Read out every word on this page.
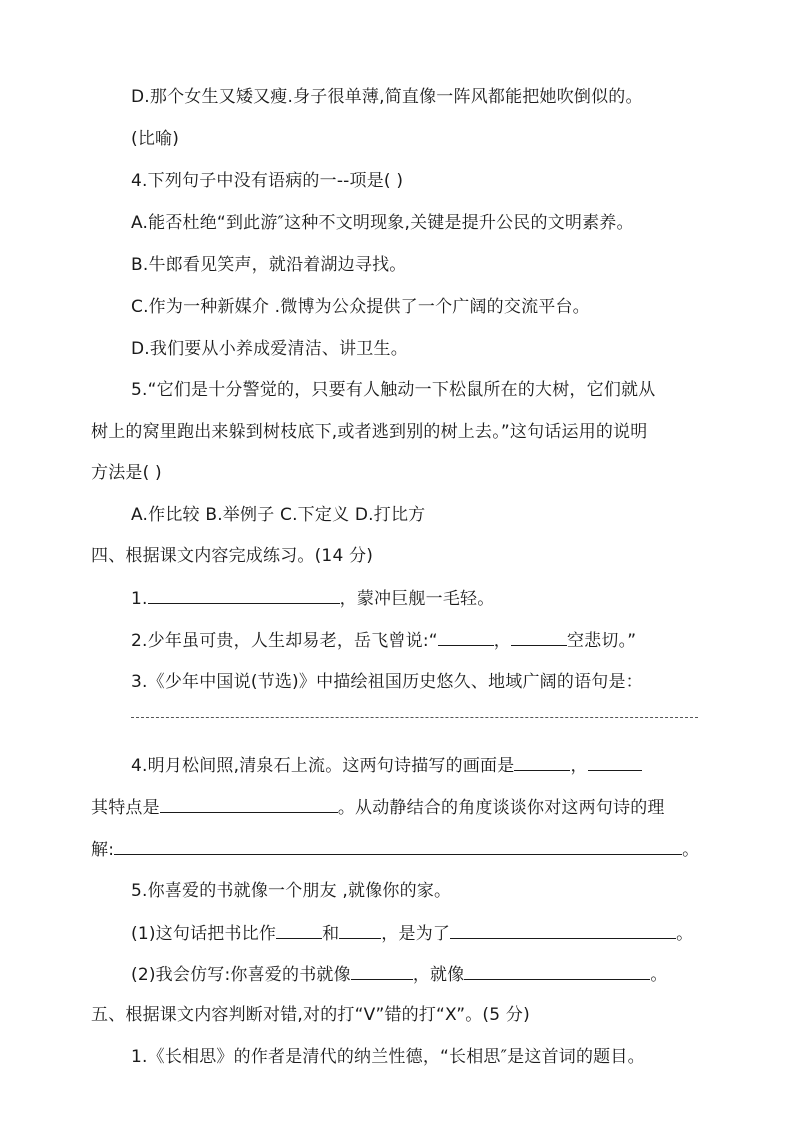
D.那个女生又矮又瘦.身子很单薄,简直像一阵风都能把她吹倒似的。
(比喻)
4.下列句子中没有语病的一--项是( )
A.能否杜绝“到此游″这种不文明现象,关键是提升公民的文明素养。
B.牛郎看见笑声，就沿着湖边寻找。
C.作为一种新媒介 .微博为公众提供了一个广阔的交流平台。
D.我们要从小养成爱清洁、讲卫生。
5.“它们是十分警觉的，只要有人触动一下松鼠所在的大树，它们就从
树上的窝里跑出来躲到树枝底下,或者逃到别的树上去。”这句话运用的说明
方法是( )
A.作比较 B.举例子 C.下定义 D.打比方
四、根据课文内容完成练习。(14 分)
1.	，蒙冲巨舰一毛轻。
2.少年虽可贵，人生却易老，岳飞曾说:“	，	空悲切。”
3.《少年中国说(节选)》中描绘祖国历史悠久、地域广阔的语句是：
4.明月松间照,清泉石上流。这两句诗描写的画面是	，
其特点是	。从动静结合的角度谈谈你对这两句诗的理
解:	。
5.你喜爱的书就像一个朋友 ,就像你的家。
(1)这句话把书比作	和 ，是为了	。
(2)我会仿写:你喜爱的书就像	，就像	。
五、根据课文内容判断对错,对的打“V”错的打“X”。(5 分)
1.《长相思》的作者是清代的纳兰性德，“长相思″是这首词的题目。
